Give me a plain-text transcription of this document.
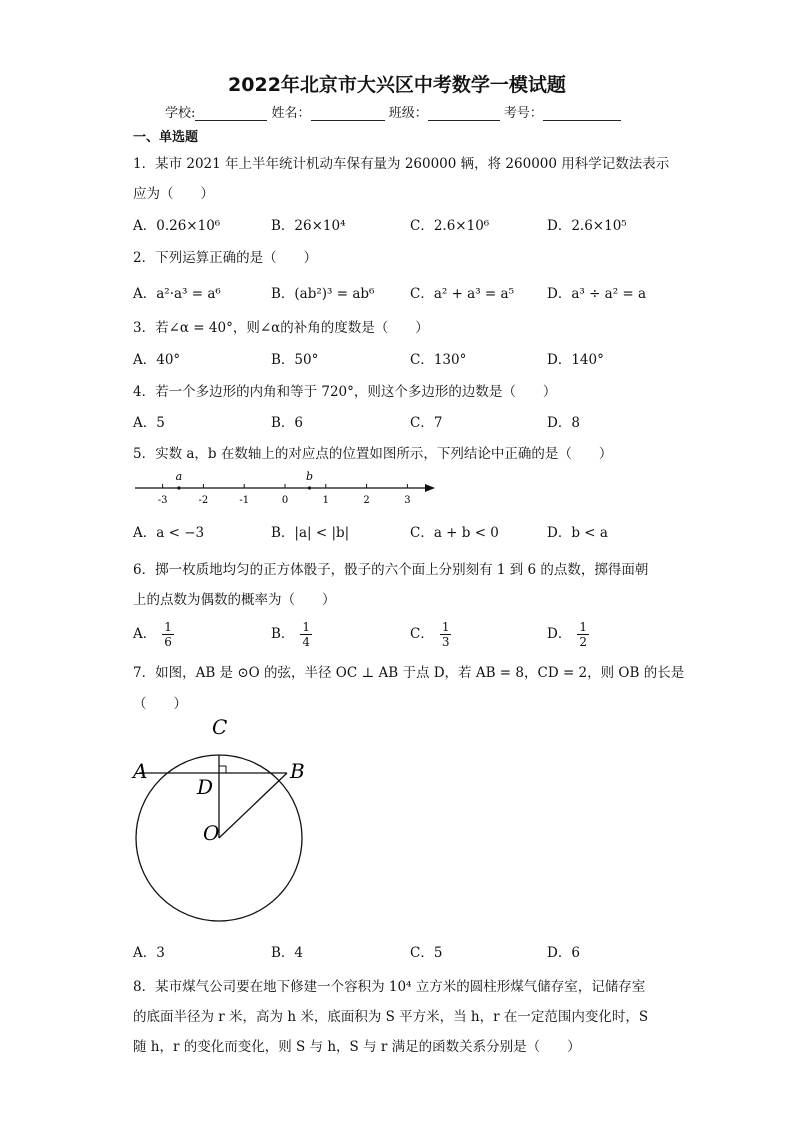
2022年北京市大兴区中考数学一模试题
学校:	姓名：	班级：	考号：
一、单选题
1．某市 2021 年上半年统计机动车保有量为 260000 辆，将 260000 用科学记数法表示
应为（　　）
A．0.26×10⁶	B．26×10⁴	C．2.6×10⁶	D．2.6×10⁵
2．下列运算正确的是（　　）
A．a²·a³ = a⁶	B．(ab²)³ = ab⁶	C．a² + a³ = a⁵ D．a³ ÷ a² = a
3．若∠α = 40°，则∠α的补角的度数是（　　）
A．40°	B．50°	C．130°	D．140°
4．若一个多边形的内角和等于 720°，则这个多边形的边数是（　　）
A．5	B．6	C．7	D．8
5．实数 a，b 在数轴上的对应点的位置如图所示，下列结论中正确的是（　　）
-3	-2	-1	0	1	2	3
a	b
A．a < −3	B．|a| < |b|	C．a + b < 0	D．b < a
6．掷一枚质地均匀的正方体骰子，骰子的六个面上分别刻有 1 到 6 的点数，掷得面朝
上的点数为偶数的概率为（　　）
A． $\frac{1}{6}$	B． $\frac{1}{4}$	C． $\frac{1}{3}$	D． $\frac{1}{2}$
7．如图，AB 是 ⊙O 的弦，半径 OC ⊥ AB 于点 D，若 AB = 8，CD = 2，则 OB 的长是
（　　）
C
A	B
D
O
A．3	B．4	C．5	D．6
8．某市煤气公司要在地下修建一个容积为 10⁴ 立方米的圆柱形煤气储存室，记储存室
的底面半径为 r 米，高为 h 米，底面积为 S 平方米，当 h，r 在一定范围内变化时，S
随 h，r 的变化而变化，则 S 与 h，S 与 r 满足的函数关系分别是（　　）
